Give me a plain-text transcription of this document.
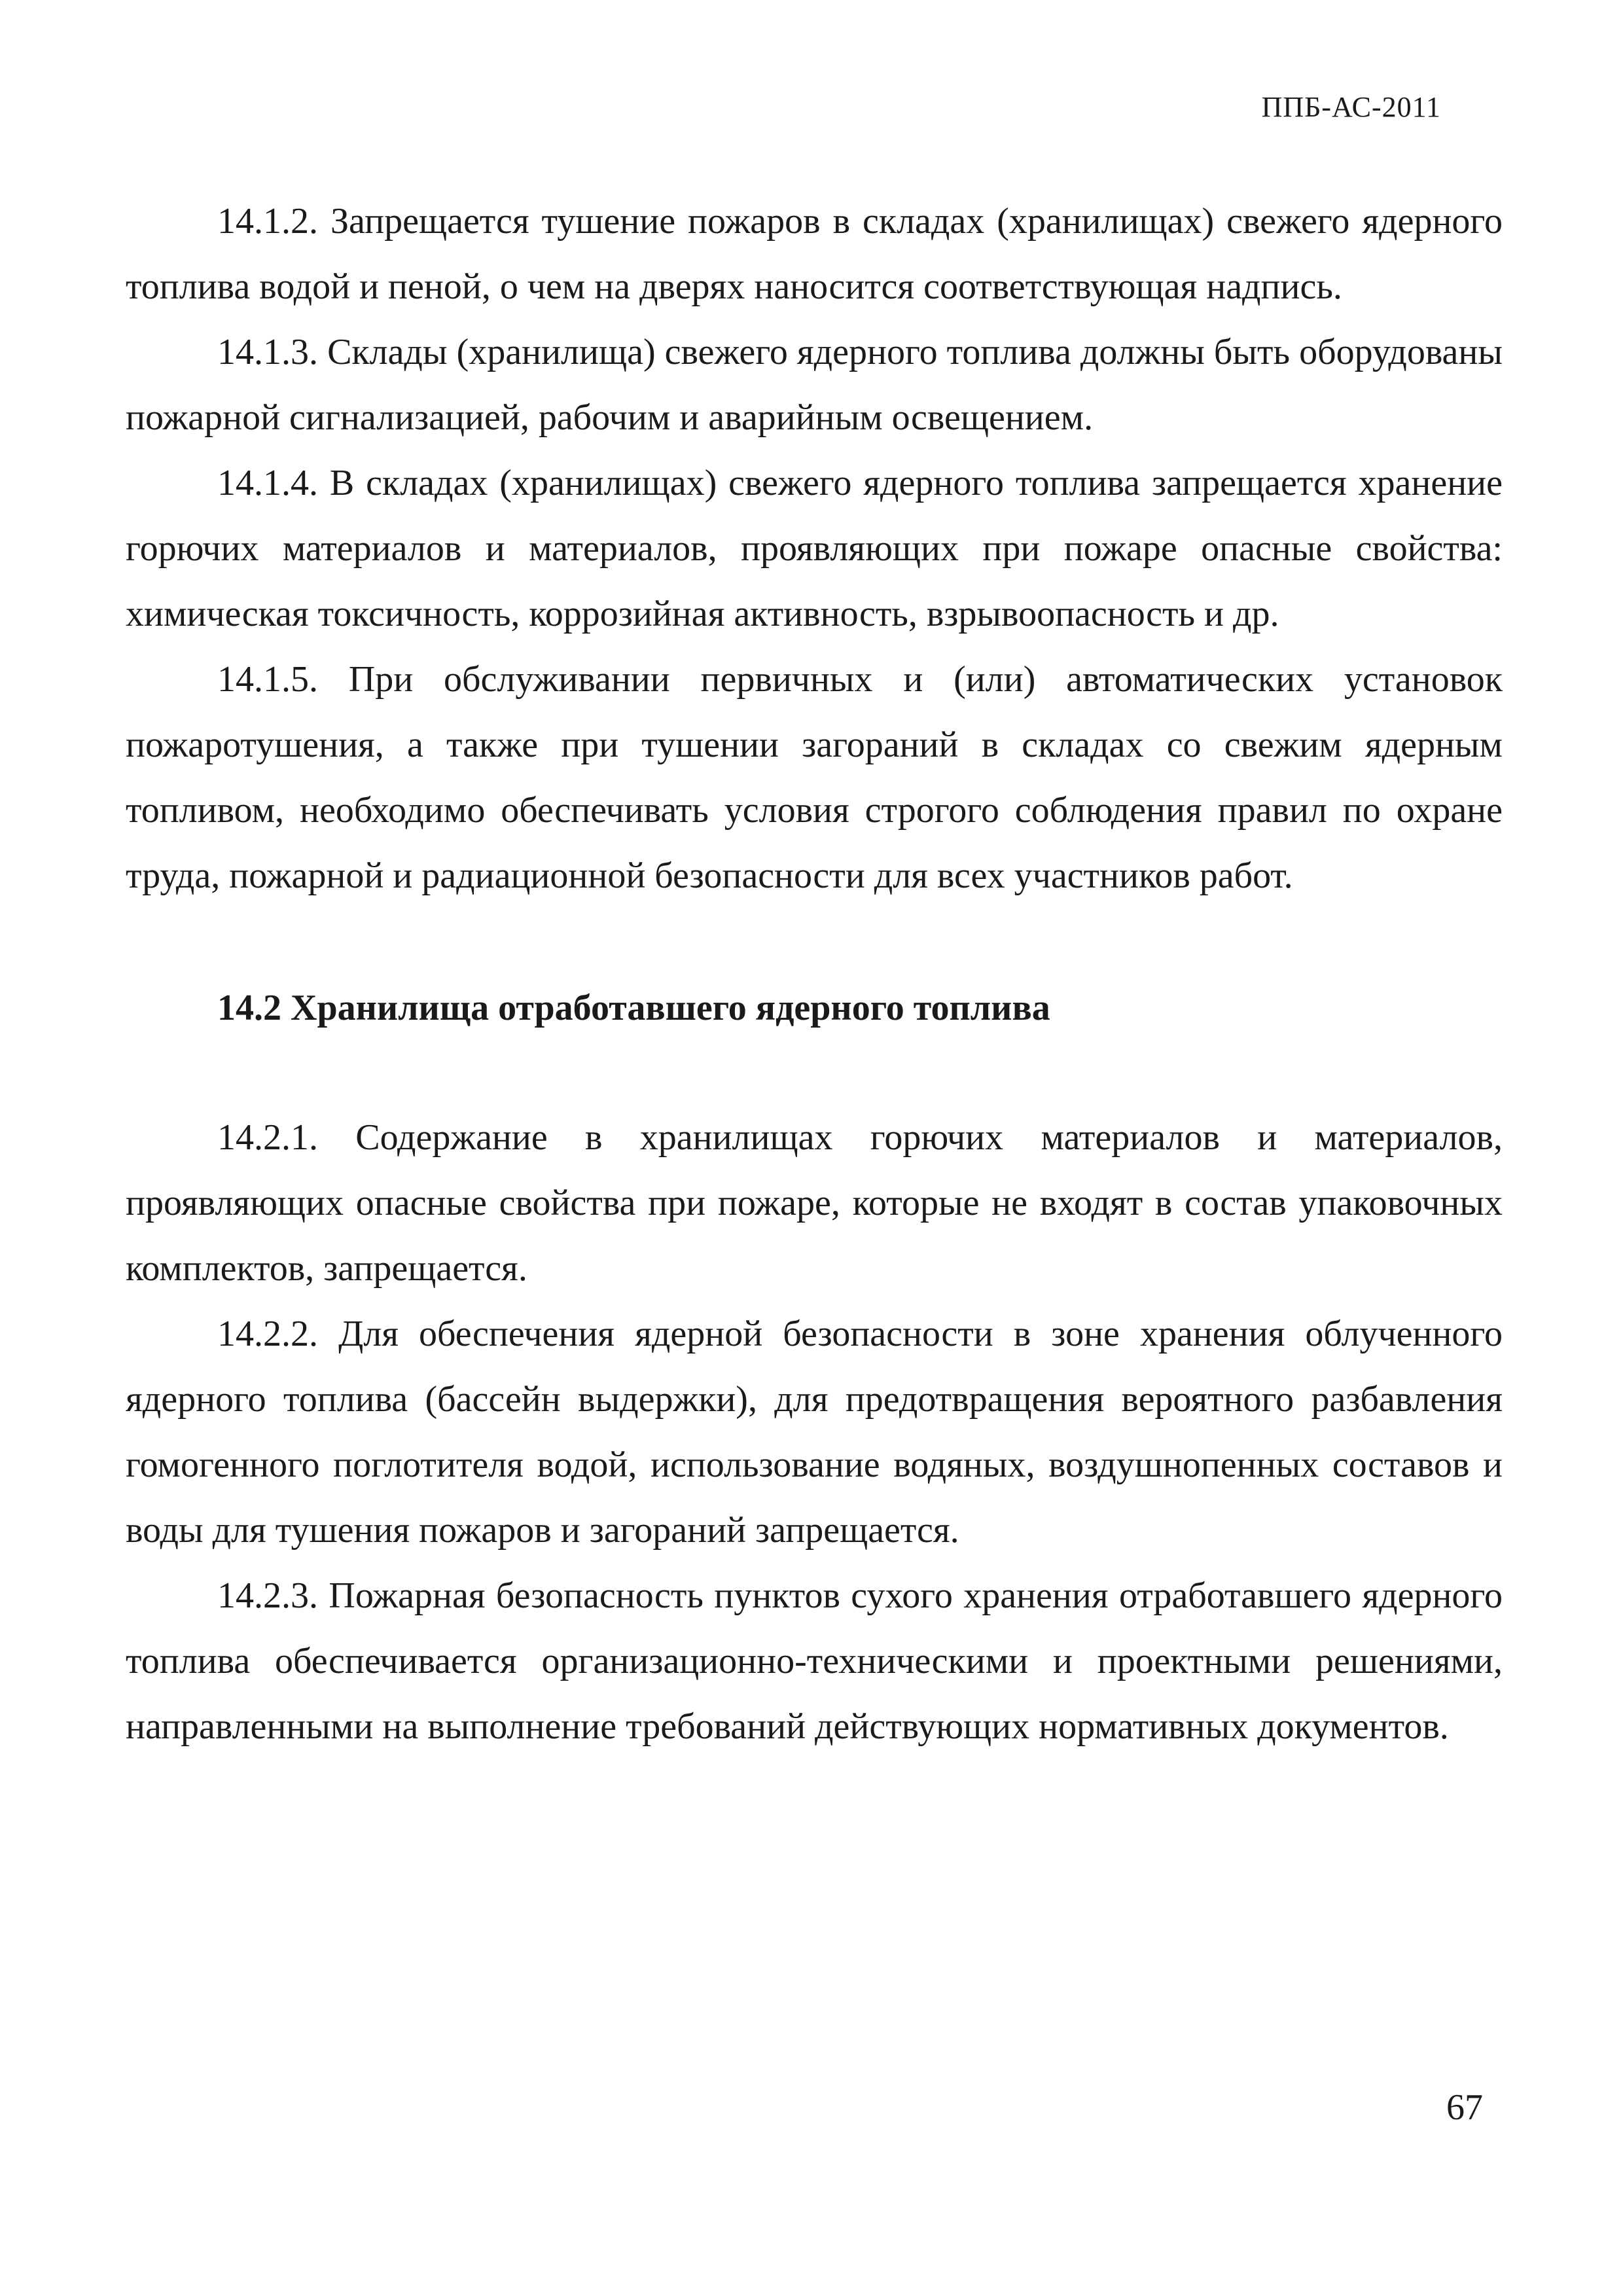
ППБ-АС-2011

14.1.2. Запрещается тушение пожаров в складах (хранилищах) свежего ядерного топлива водой и пеной, о чем на дверях наносится соответствующая надпись.

14.1.3. Склады (хранилища) свежего ядерного топлива должны быть оборудованы пожарной сигнализацией, рабочим и аварийным освещением.

14.1.4. В складах (хранилищах) свежего ядерного топлива запрещается хранение горючих материалов и материалов, проявляющих при пожаре опасные свойства: химическая токсичность, коррозийная активность, взрывоопасность и др.

14.1.5. При обслуживании первичных и (или) автоматических установок пожаротушения, а также при тушении загораний в складах со свежим ядерным топливом, необходимо обеспечивать условия строгого соблюдения правил по охране труда, пожарной и радиационной безопасности для всех участников работ.

14.2 Хранилища отработавшего ядерного топлива

14.2.1. Содержание в хранилищах горючих материалов и материалов, проявляющих опасные свойства при пожаре, которые не входят в состав упаковочных комплектов, запрещается.

14.2.2. Для обеспечения ядерной безопасности в зоне хранения облученного ядерного топлива (бассейн выдержки), для предотвращения вероятного разбавления гомогенного поглотителя водой, использование водяных, воздушнопенных составов и воды для тушения пожаров и загораний запрещается.

14.2.3. Пожарная безопасность пунктов сухого хранения отработавшего ядерного топлива обеспечивается организационно-техническими и проектными решениями, направленными на выполнение требований действующих нормативных документов.

67
